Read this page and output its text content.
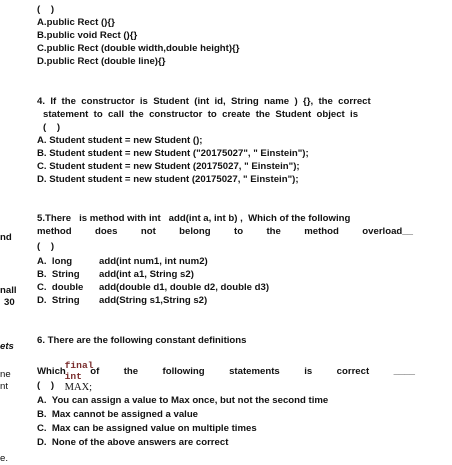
nd
nall
30
ets
ne
nt
e.
(    )
A.public Rect (){}
B.public void Rect (){}
C.public Rect (double width,double height){}
D.public Rect (double line){}
4.  If  the  constructor  is  Student  (int  id,  String  name  )  {},  the  correct
statement  to  call  the  constructor  to  create  the  Student  object  is
(    )
A. Student student = new Student ();
B. Student student = new Student ("20175027", " Einstein");
C. Student student = new Student (20175027, " Einstein");
D. Student student = new student (20175027, " Einstein");
5.There   is method with int   add(int a, int b) ,  Which of the following
method does not belong to the method overload__
(    )
A.  long	add(int num1, int num2)
B.  String add(int a1, String s2)
C.  double add(double d1, double d2, double d3)
D.  String add(String s1,String s2)
6. There are the following constant definitions

final
int
MAX;

Which	of	the	following	statements	is	correct	____
(    )
A.  You can assign a value to Max once, but not the second time
B.  Max cannot be assigned a value
C.  Max can be assigned value on multiple times
D.  None of the above answers are correct
